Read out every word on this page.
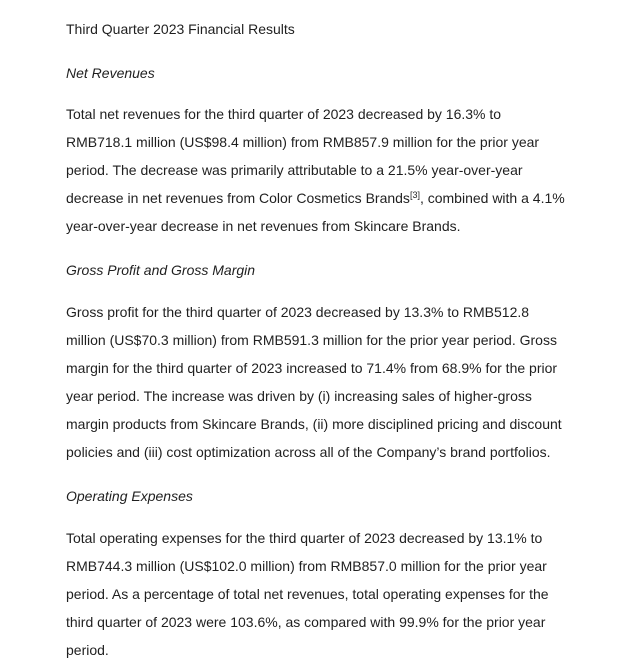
Third Quarter 2023 Financial Results
Net Revenues

Total net revenues for the third quarter of 2023 decreased by 16.3% to RMB718.1 million (US$98.4 million) from RMB857.9 million for the prior year period. The decrease was primarily attributable to a 21.5% year-over-year decrease in net revenues from Color Cosmetics Brands[3], combined with a 4.1% year-over-year decrease in net revenues from Skincare Brands.

Gross Profit and Gross Margin

Gross profit for the third quarter of 2023 decreased by 13.3% to RMB512.8 million (US$70.3 million) from RMB591.3 million for the prior year period. Gross margin for the third quarter of 2023 increased to 71.4% from 68.9% for the prior year period. The increase was driven by (i) increasing sales of higher-gross margin products from Skincare Brands, (ii) more disciplined pricing and discount policies and (iii) cost optimization across all of the Company’s brand portfolios.

Operating Expenses

Total operating expenses for the third quarter of 2023 decreased by 13.1% to RMB744.3 million (US$102.0 million) from RMB857.0 million for the prior year period. As a percentage of total net revenues, total operating expenses for the third quarter of 2023 were 103.6%, as compared with 99.9% for the prior year period.
